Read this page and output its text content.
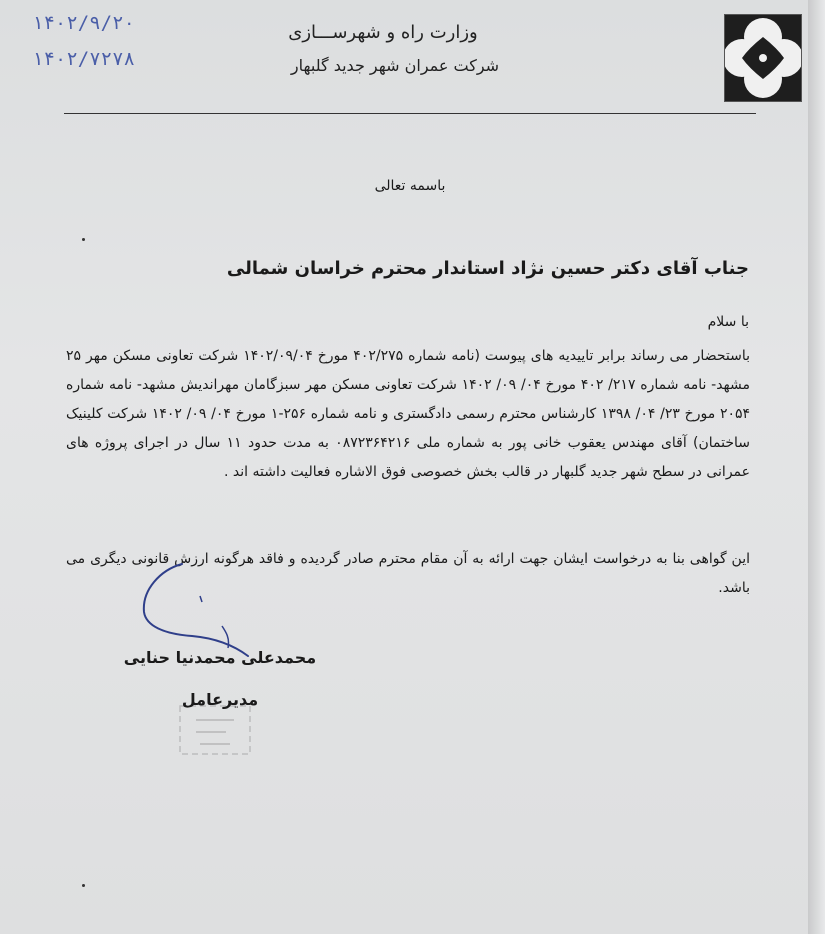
وزارت راه و شهرســـازی
شرکت عمران شهر جدید گلبهار
۱۴۰۲/۹/۲۰
۱۴۰۲/۷۲۷۸
باسمه تعالی
جناب آقای دکتر حسین نژاد استاندار محترم خراسان شمالی
با سلام

باستحضار می رساند برابر تاییدیه های پیوست (نامه شماره ۴۰۲/۲۷۵ مورخ ۱۴۰۲/۰۹/۰۴ شرکت تعاونی مسکن مهر ۲۵ مشهد- نامه شماره ۲۱۷/ ۴۰۲ مورخ ۰۴/ ۰۹/ ۱۴۰۲ شرکت تعاونی مسکن مهر سبزگامان مهراندیش مشهد- نامه شماره ۲۰۵۴ مورخ ۲۳/ ۰۴/ ۱۳۹۸ کارشناس محترم رسمی دادگستری و نامه شماره ۲۵۶-۱ مورخ ۰۴/ ۰۹/ ۱۴۰۲ شرکت کلینیک ساختمان) آقای مهندس یعقوب خانی پور به شماره ملی ۰۸۷۲۳۶۴۲۱۶ به مدت حدود ۱۱ سال در اجرای پروژه های عمرانی در سطح شهر جدید گلبهار در قالب بخش خصوصی فوق الاشاره فعالیت داشته اند .

این گواهی بنا به درخواست ایشان جهت ارائه به آن مقام محترم صادر گردیده و فاقد هرگونه ارزش قانونی دیگری می باشد.

محمدعلی محمدنیا حنایی
مدیرعامل
